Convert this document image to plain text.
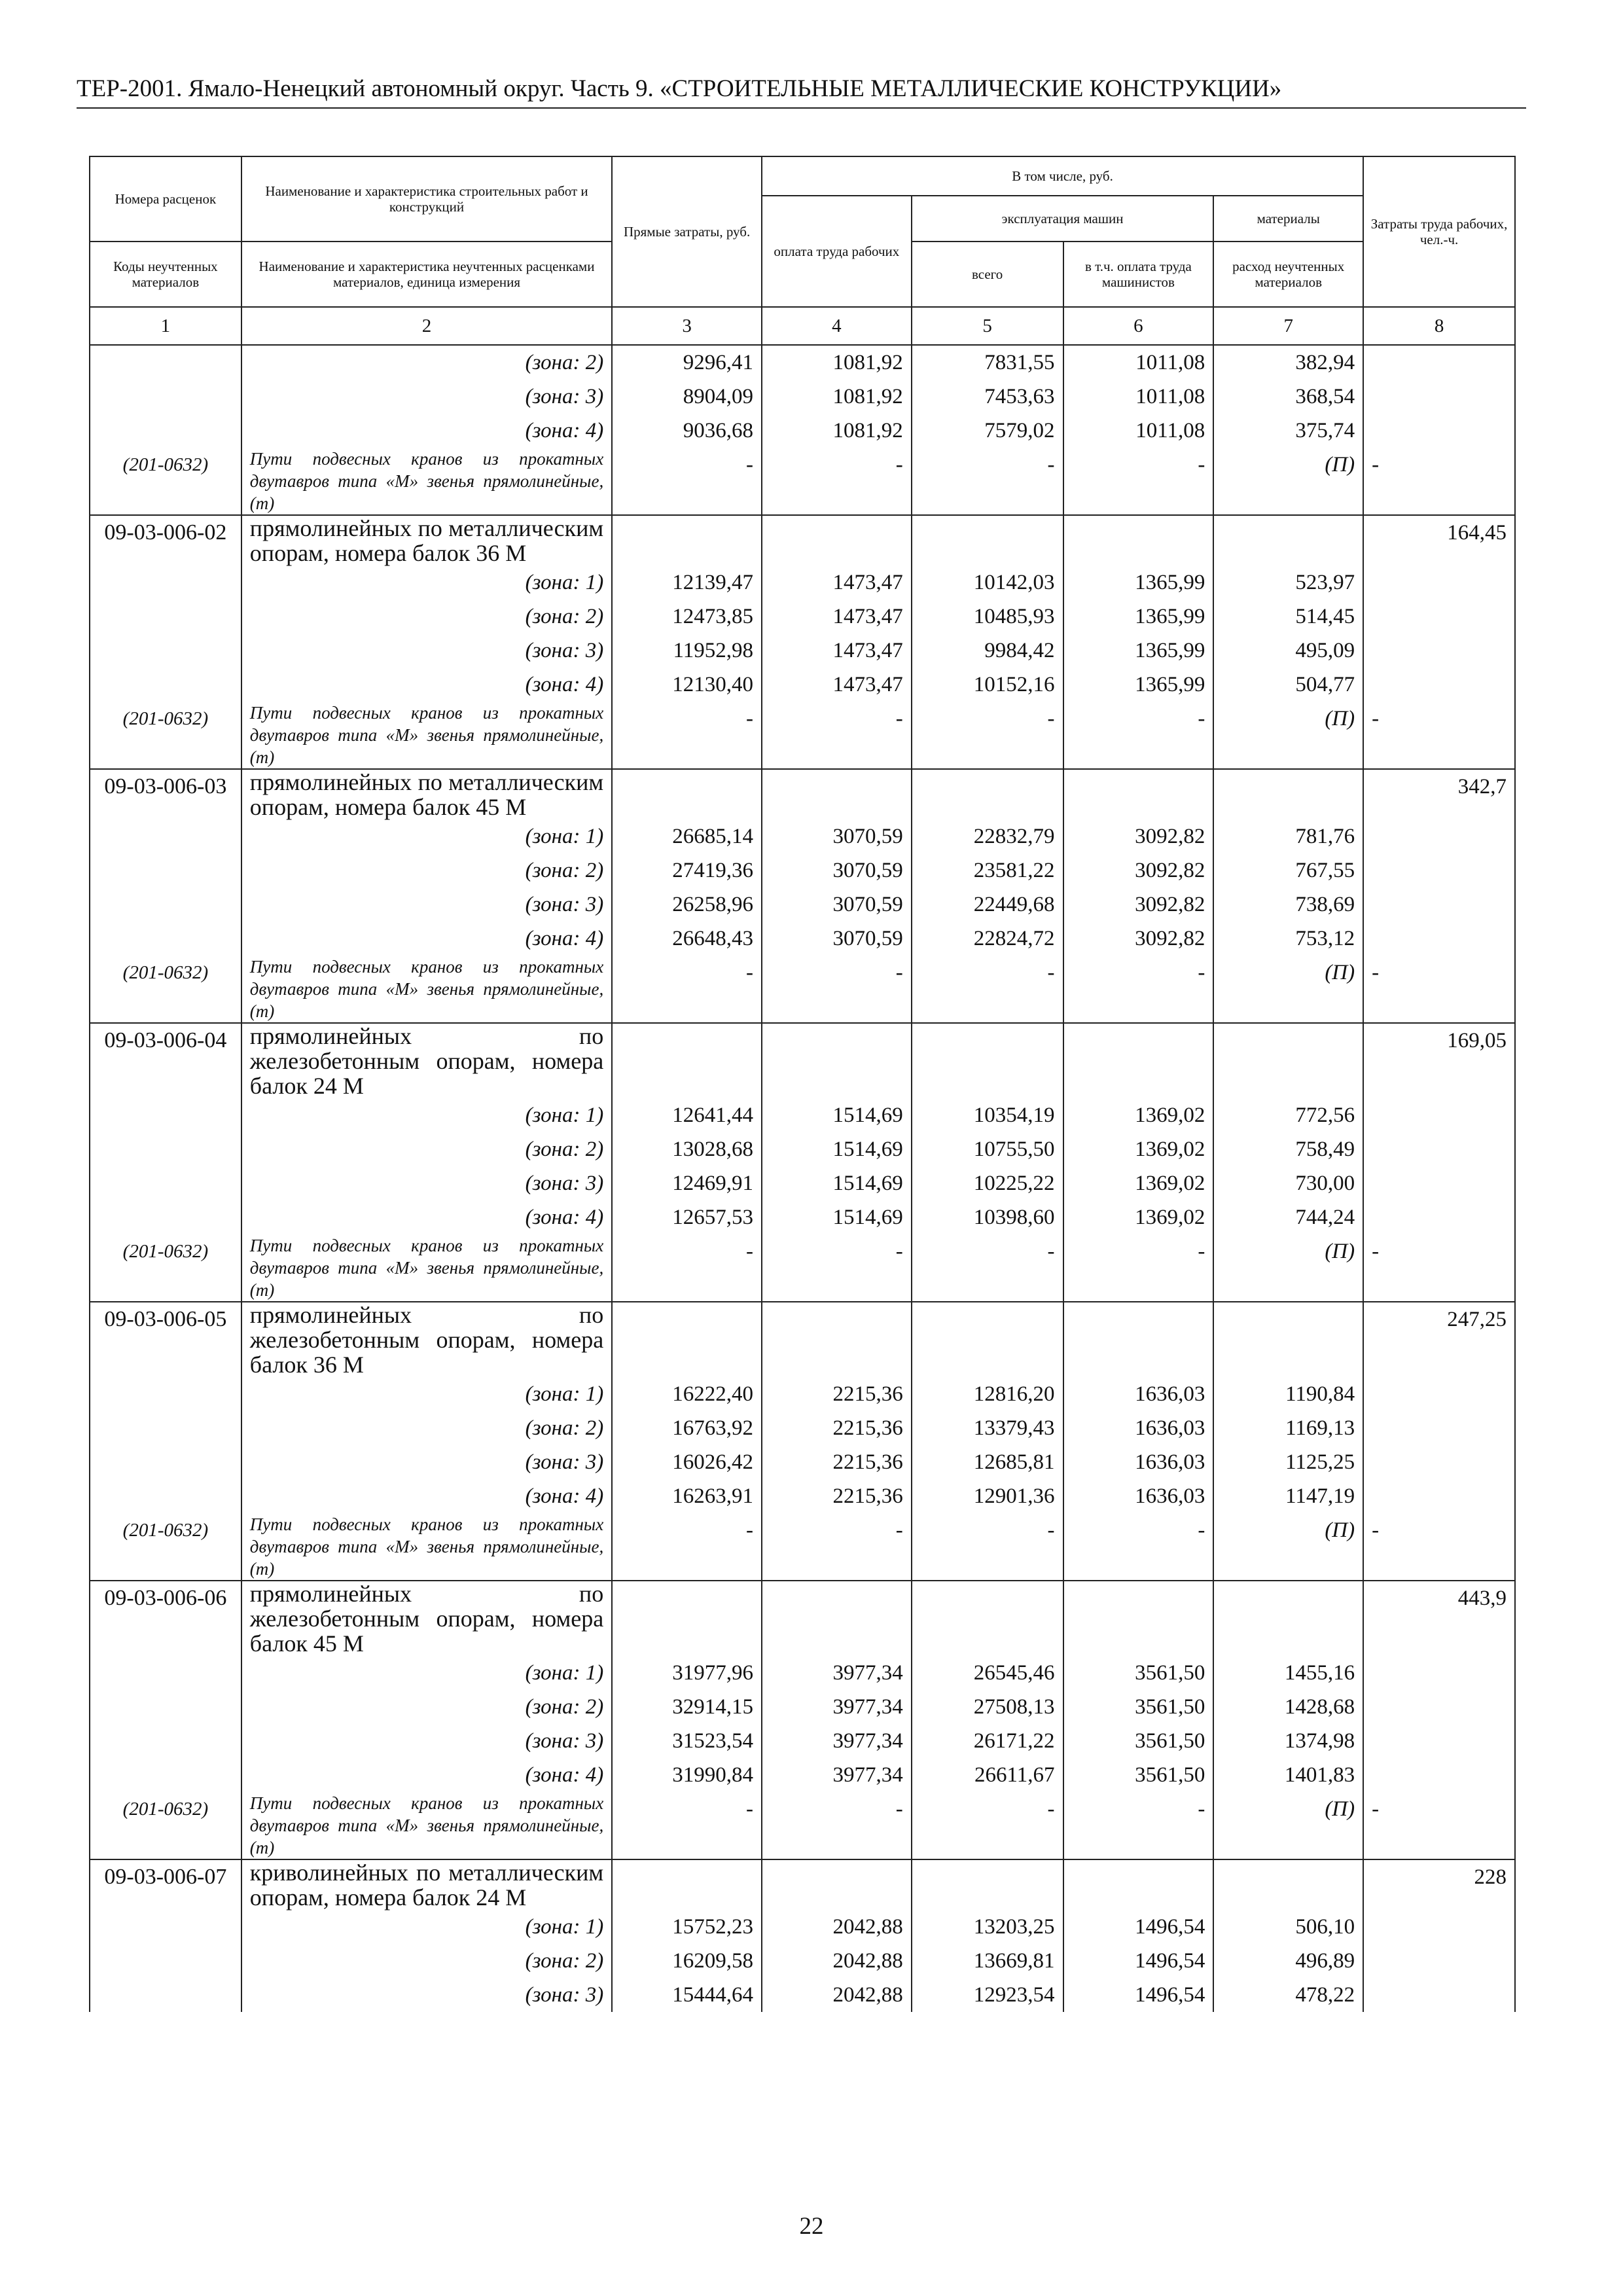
ТЕР-2001. Ямало-Ненецкий автономный округ. Часть 9. «СТРОИТЕЛЬНЫЕ МЕТАЛЛИЧЕСКИЕ КОНСТРУКЦИИ»
Номера расценок	Наименование и характеристика строительных работ и конструкций	Прямые затраты, руб.	В том числе, руб.				Затраты труда рабочих, чел.-ч.
			оплата труда рабочих	эксплуатация машин		материалы	
Коды неучтенных материалов	Наименование и характеристика неучтенных расценками материалов, единица измерения			всего	в т.ч. оплата труда машинистов	расход неучтенных материалов	
1	2	3	4	5	6	7	8
	(зона: 2)	9296,41	1081,92	7831,55	1011,08	382,94	
	(зона: 3)	8904,09	1081,92	7453,63	1011,08	368,54	
	(зона: 4)	9036,68	1081,92	7579,02	1011,08	375,74	
(201-0632)	Пути подвесных кранов из прокатных двутавров типа «М» звенья прямолинейные, (т)	-	-	-	-	(П)	-
09-03-006-02	прямолинейных по металлическим опорам, номера балок 36 М						164,45
	(зона: 1)	12139,47	1473,47	10142,03	1365,99	523,97	
	(зона: 2)	12473,85	1473,47	10485,93	1365,99	514,45	
	(зона: 3)	11952,98	1473,47	9984,42	1365,99	495,09	
	(зона: 4)	12130,40	1473,47	10152,16	1365,99	504,77	
(201-0632)	Пути подвесных кранов из прокатных двутавров типа «М» звенья прямолинейные, (т)	-	-	-	-	(П)	-
09-03-006-03	прямолинейных по металлическим опорам, номера балок 45 М						342,7
	(зона: 1)	26685,14	3070,59	22832,79	3092,82	781,76	
	(зона: 2)	27419,36	3070,59	23581,22	3092,82	767,55	
	(зона: 3)	26258,96	3070,59	22449,68	3092,82	738,69	
	(зона: 4)	26648,43	3070,59	22824,72	3092,82	753,12	
(201-0632)	Пути подвесных кранов из прокатных двутавров типа «М» звенья прямолинейные, (т)	-	-	-	-	(П)	-
09-03-006-04	прямолинейных по железобетонным опорам, номера балок 24 М						169,05
	(зона: 1)	12641,44	1514,69	10354,19	1369,02	772,56	
	(зона: 2)	13028,68	1514,69	10755,50	1369,02	758,49	
	(зона: 3)	12469,91	1514,69	10225,22	1369,02	730,00	
	(зона: 4)	12657,53	1514,69	10398,60	1369,02	744,24	
(201-0632)	Пути подвесных кранов из прокатных двутавров типа «М» звенья прямолинейные, (т)	-	-	-	-	(П)	-
09-03-006-05	прямолинейных по железобетонным опорам, номера балок 36 М						247,25
	(зона: 1)	16222,40	2215,36	12816,20	1636,03	1190,84	
	(зона: 2)	16763,92	2215,36	13379,43	1636,03	1169,13	
	(зона: 3)	16026,42	2215,36	12685,81	1636,03	1125,25	
	(зона: 4)	16263,91	2215,36	12901,36	1636,03	1147,19	
(201-0632)	Пути подвесных кранов из прокатных двутавров типа «М» звенья прямолинейные, (т)	-	-	-	-	(П)	-
09-03-006-06	прямолинейных по железобетонным опорам, номера балок 45 М						443,9
	(зона: 1)	31977,96	3977,34	26545,46	3561,50	1455,16	
	(зона: 2)	32914,15	3977,34	27508,13	3561,50	1428,68	
	(зона: 3)	31523,54	3977,34	26171,22	3561,50	1374,98	
	(зона: 4)	31990,84	3977,34	26611,67	3561,50	1401,83	
(201-0632)	Пути подвесных кранов из прокатных двутавров типа «М» звенья прямолинейные, (т)	-	-	-	-	(П)	-
09-03-006-07	криволинейных по металлическим опорам, номера балок 24 М						228
	(зона: 1)	15752,23	2042,88	13203,25	1496,54	506,10	
	(зона: 2)	16209,58	2042,88	13669,81	1496,54	496,89	
	(зона: 3)	15444,64	2042,88	12923,54	1496,54	478,22	
22
